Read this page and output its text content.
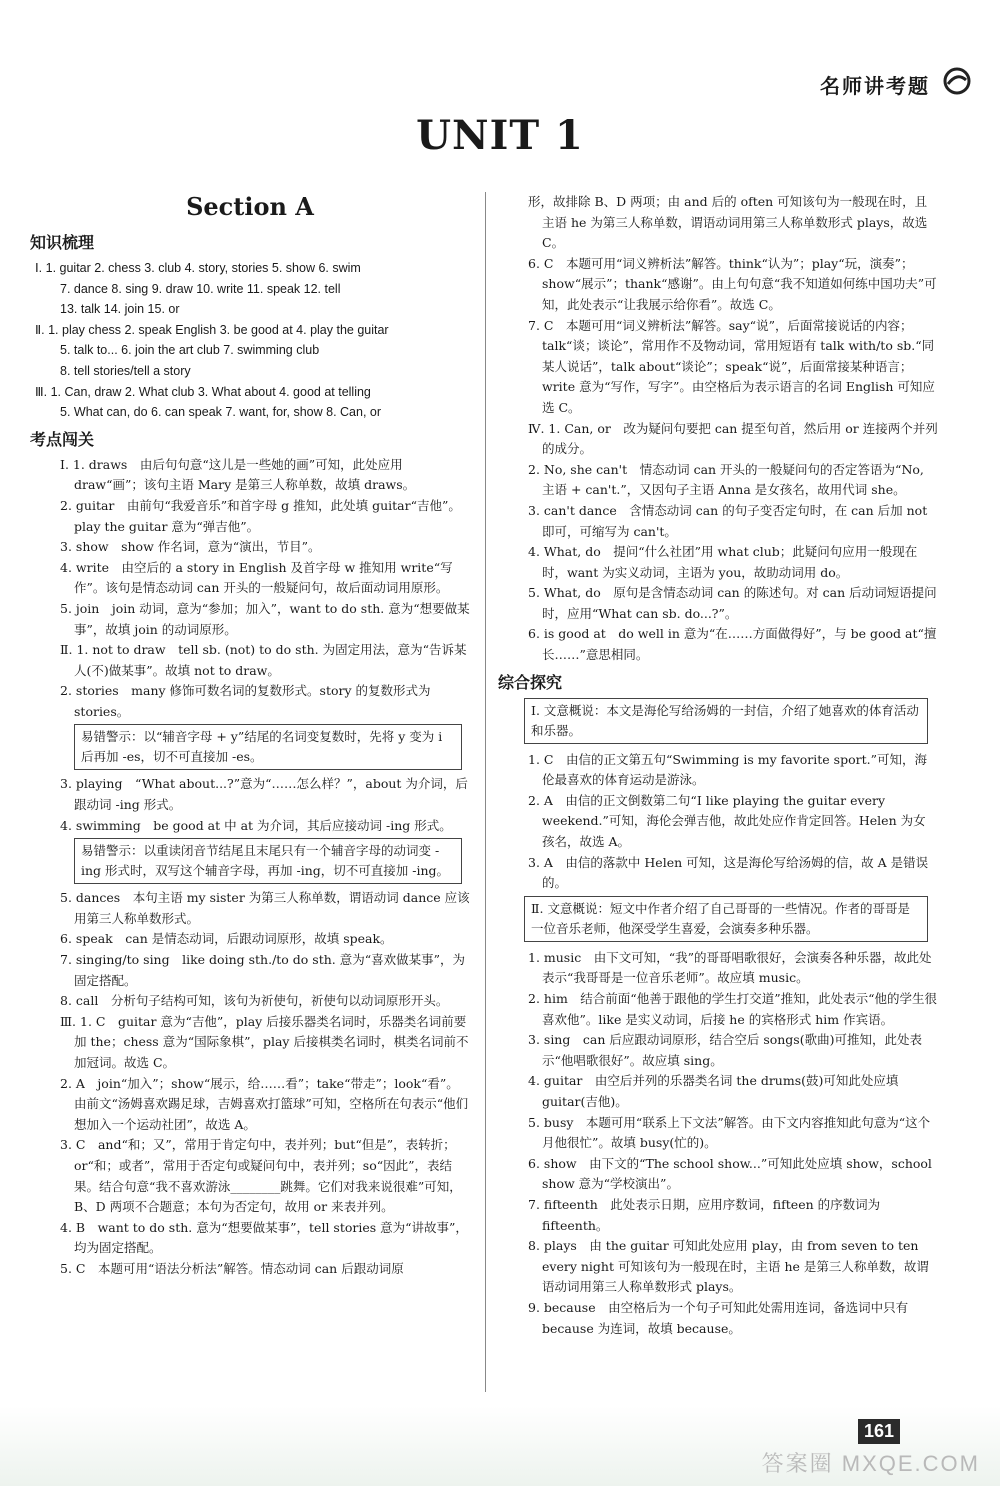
名师讲考题
UNIT 1
Section A
知识梳理

Ⅰ. 1. guitar 2. chess 3. club 4. story, stories 5. show 6. swim

7. dance 8. sing 9. draw 10. write 11. speak 12. tell

13. talk 14. join 15. or

Ⅱ. 1. play chess 2. speak English 3. be good at 4. play the guitar

5. talk to... 6. join the art club 7. swimming club

8. tell stories/tell a story

Ⅲ. 1. Can, draw 2. What club 3. What about 4. good at telling

5. What can, do 6. can speak 7. want, for, show 8. Can, or

考点闯关

Ⅰ. 1. draws　由后句句意“这儿是一些她的画”可知，此处应用 draw“画”；该句主语 Mary 是第三人称单数，故填 draws。

2. guitar　由前句“我爱音乐”和首字母 g 推知，此处填 guitar“吉他”。play the guitar 意为“弹吉他”。

3. show　show 作名词，意为“演出，节目”。

4. write　由空后的 a story in English 及首字母 w 推知用 write“写作”。该句是情态动词 can 开头的一般疑问句，故后面动词用原形。

5. join　join 动词，意为“参加；加入”，want to do sth. 意为“想要做某事”，故填 join 的动词原形。

Ⅱ. 1. not to draw　tell sb. (not) to do sth. 为固定用法，意为“告诉某人(不)做某事”。故填 not to draw。

2. stories　many 修饰可数名词的复数形式。story 的复数形式为 stories。

易错警示：以“辅音字母 + y”结尾的名词变复数时，先将 y 变为 i 后再加 -es，切不可直接加 -es。

3. playing　“What about...?”意为“……怎么样？”，about 为介词，后跟动词 -ing 形式。

4. swimming　be good at 中 at 为介词，其后应接动词 -ing 形式。

易错警示：以重读闭音节结尾且末尾只有一个辅音字母的动词变 -ing 形式时，双写这个辅音字母，再加 -ing，切不可直接加 -ing。

5. dances　本句主语 my sister 为第三人称单数，谓语动词 dance 应该用第三人称单数形式。

6. speak　can 是情态动词，后跟动词原形，故填 speak。

7. singing/to sing　like doing sth./to do sth. 意为“喜欢做某事”，为固定搭配。

8. call　分析句子结构可知，该句为祈使句，祈使句以动词原形开头。

Ⅲ. 1. C　guitar 意为“吉他”，play 后接乐器类名词时，乐器类名词前要加 the；chess 意为“国际象棋”，play 后接棋类名词时，棋类名词前不加冠词。故选 C。

2. A　join“加入”；show“展示，给……看”；take“带走”；look“看”。由前文“汤姆喜欢踢足球，吉姆喜欢打篮球”可知，空格所在句表示“他们想加入一个运动社团”，故选 A。

3. C　and“和；又”，常用于肯定句中，表并列；but“但是”，表转折；or“和；或者”，常用于否定句或疑问句中，表并列；so“因此”，表结果。结合句意“我不喜欢游泳________跳舞。它们对我来说很难”可知，B、D 两项不合题意；本句为否定句，故用 or 来表并列。

4. B　want to do sth. 意为“想要做某事”，tell stories 意为“讲故事”，均为固定搭配。

5. C　本题可用“语法分析法”解答。情态动词 can 后跟动词原

形，故排除 B、D 两项；由 and 后的 often 可知该句为一般现在时，且主语 he 为第三人称单数，谓语动词用第三人称单数形式 plays，故选 C。

6. C　本题可用“词义辨析法”解答。think“认为”；play“玩，演奏”；show“展示”；thank“感谢”。由上句句意“我不知道如何练中国功夫”可知，此处表示“让我展示给你看”。故选 C。

7. C　本题可用“词义辨析法”解答。say“说”，后面常接说话的内容；talk“谈；谈论”，常用作不及物动词，常用短语有 talk with/to sb.“同某人说话”，talk about“谈论”；speak“说”，后面常接某种语言；write 意为“写作，写字”。由空格后为表示语言的名词 English 可知应选 C。

Ⅳ. 1. Can, or　改为疑问句要把 can 提至句首，然后用 or 连接两个并列的成分。

2. No, she can't　情态动词 can 开头的一般疑问句的否定答语为“No, 主语 + can't.”，又因句子主语 Anna 是女孩名，故用代词 she。

3. can't dance　含情态动词 can 的句子变否定句时，在 can 后加 not 即可，可缩写为 can't。

4. What, do　提问“什么社团”用 what club；此疑问句应用一般现在时，want 为实义动词，主语为 you，故助动词用 do。

5. What, do　原句是含情态动词 can 的陈述句。对 can 后动词短语提问时，应用“What can sb. do...?”。

6. is good at　do well in 意为“在……方面做得好”，与 be good at“擅长……”意思相同。

综合探究
Ⅰ. 文意概说：本文是海伦写给汤姆的一封信，介绍了她喜欢的体育活动和乐器。

1. C　由信的正文第五句“Swimming is my favorite sport.”可知，海伦最喜欢的体育运动是游泳。

2. A　由信的正文倒数第二句“I like playing the guitar every weekend.”可知，海伦会弹吉他，故此处应作肯定回答。Helen 为女孩名，故选 A。

3. A　由信的落款中 Helen 可知，这是海伦写给汤姆的信，故 A 是错误的。

Ⅱ. 文意概说：短文中作者介绍了自己哥哥的一些情况。作者的哥哥是一位音乐老师，他深受学生喜爱，会演奏多种乐器。

1. music　由下文可知，“我”的哥哥唱歌很好，会演奏各种乐器，故此处表示“我哥哥是一位音乐老师”。故应填 music。

2. him　结合前面“他善于跟他的学生打交道”推知，此处表示“他的学生很喜欢他”。like 是实义动词，后接 he 的宾格形式 him 作宾语。

3. sing　can 后应跟动词原形，结合空后 songs(歌曲)可推知，此处表示“他唱歌很好”。故应填 sing。

4. guitar　由空后并列的乐器类名词 the drums(鼓)可知此处应填 guitar(吉他)。

5. busy　本题可用“联系上下文法”解答。由下文内容推知此句意为“这个月他很忙”。故填 busy(忙的)。

6. show　由下文的“The school show...”可知此处应填 show，school show 意为“学校演出”。

7. fifteenth　此处表示日期，应用序数词，fifteen 的序数词为 fifteenth。

8. plays　由 the guitar 可知此处应用 play，由 from seven to ten every night 可知该句为一般现在时，主语 he 是第三人称单数，故谓语动词用第三人称单数形式 plays。

9. because　由空格后为一个句子可知此处需用连词，备选词中只有 because 为连词，故填 because。

161
答案圈 MXQE.COM
